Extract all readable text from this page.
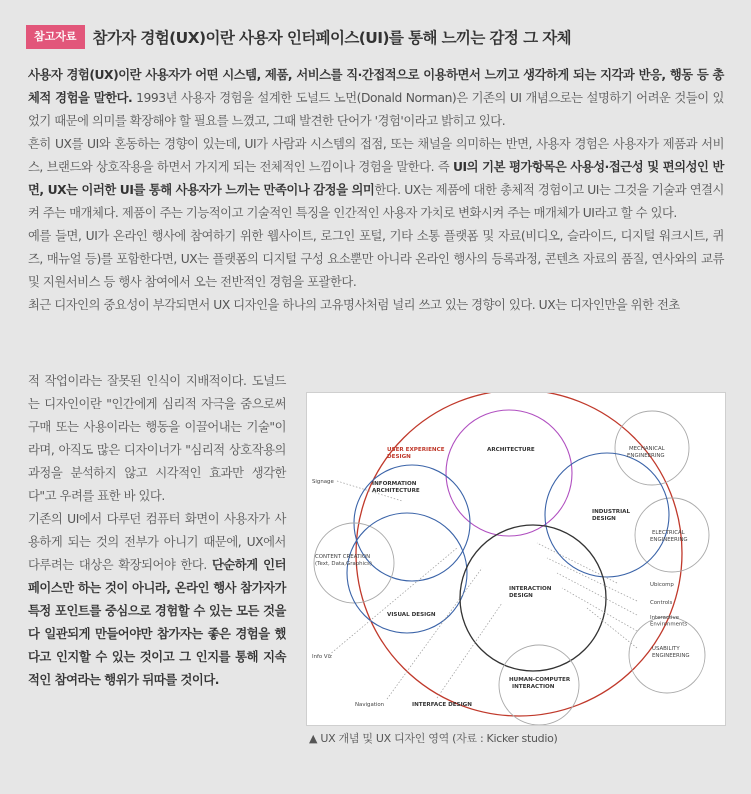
참고자료	참가자 경험(UX)이란 사용자 인터페이스(UI)를 통해 느끼는 감정 그 자체

사용자 경험(UX)이란 사용자가 어떤 시스템, 제품, 서비스를 직·간접적으로 이용하면서 느끼고 생각하게 되는 지각과 반응, 행동 등 총체적 경험을 말한다. 1993년 사용자 경험을 설계한 도널드 노먼(Donald Norman)은 기존의 UI 개념으로는 설명하기 어려운 것들이 있었기 때문에 의미를 확장해야 할 필요를 느꼈고, 그때 발견한 단어가 '경험'이라고 밝히고 있다.

흔히 UX를 UI와 혼동하는 경향이 있는데, UI가 사람과 시스템의 접점, 또는 채널을 의미하는 반면, 사용자 경험은 사용자가 제품과 서비스, 브랜드와 상호작용을 하면서 가지게 되는 전체적인 느낌이나 경험을 말한다. 즉 UI의 기본 평가항목은 사용성·접근성 및 편의성인 반면, UX는 이러한 UI를 통해 사용자가 느끼는 만족이나 감정을 의미한다. UX는 제품에 대한 총체적 경험이고 UI는 그것을 기술과 연결시켜 주는 매개체다. 제품이 주는 기능적이고 기술적인 특징을 인간적인 사용자 가치로 변화시켜 주는 매개체가 UI라고 할 수 있다.

예를 들면, UI가 온라인 행사에 참여하기 위한 웹사이트, 로그인 포털, 기타 소통 플랫폼 및 자료(비디오, 슬라이드, 디지털 워크시트, 퀴즈, 매뉴얼 등)를 포함한다면, UX는 플랫폼의 디지털 구성 요소뿐만 아니라 온라인 행사의 등록과정, 콘텐츠 자료의 품질, 연사와의 교류 및 지원서비스 등 행사 참여에서 오는 전반적인 경험을 포괄한다.

최근 디자인의 중요성이 부각되면서 UX 디자인을 하나의 고유명사처럼 널리 쓰고 있는 경향이 있다. UX는 디자인만을 위한 전초

적 작업이라는 잘못된 인식이 지배적이다. 도널드는 디자인이란 "인간에게 심리적 자극을 줌으로써 구매 또는 사용이라는 행동을 이끌어내는 기술"이라며, 아직도 많은 디자이너가 "심리적 상호작용의 과정을 분석하지 않고 시각적인 효과만 생각한다"고 우려를 표한 바 있다.

기존의 UI에서 다루던 컴퓨터 화면이 사용자가 사용하게 되는 것의 전부가 아니기 때문에, UX에서 다루려는 대상은 확장되어야 한다. 단순하게 인터페이스만 하는 것이 아니라, 온라인 행사 참가자가 특정 포인트를 중심으로 경험할 수 있는 모든 것을 다 일관되게 만들어야만 참가자는 좋은 경험을 했다고 인지할 수 있는 것이고 그 인지를 통해 지속적인 참여라는 행위가 뒤따를 것이다.

USER EXPERIENCE DESIGN
ARCHITECTURE	MECHANICAL ENGINEERING
Signage	INFORMATION ARCHITECTURE
INDUSTRIAL DESIGN
ELECTRICAL ENGINEERING
CONTENT CREATION (Text, Data,Graphics)
INTERACTION DESIGN
VISUAL DESIGN
Ubicomp
Controls
Interactive Environments
USABILITY ENGINEERING
Info Viz
HUMAN-COMPUTER INTERACTION
Navigation	INTERFACE DESIGN
▲ UX 개념 및 UX 디자인 영역 (자료 : Kicker studio)
